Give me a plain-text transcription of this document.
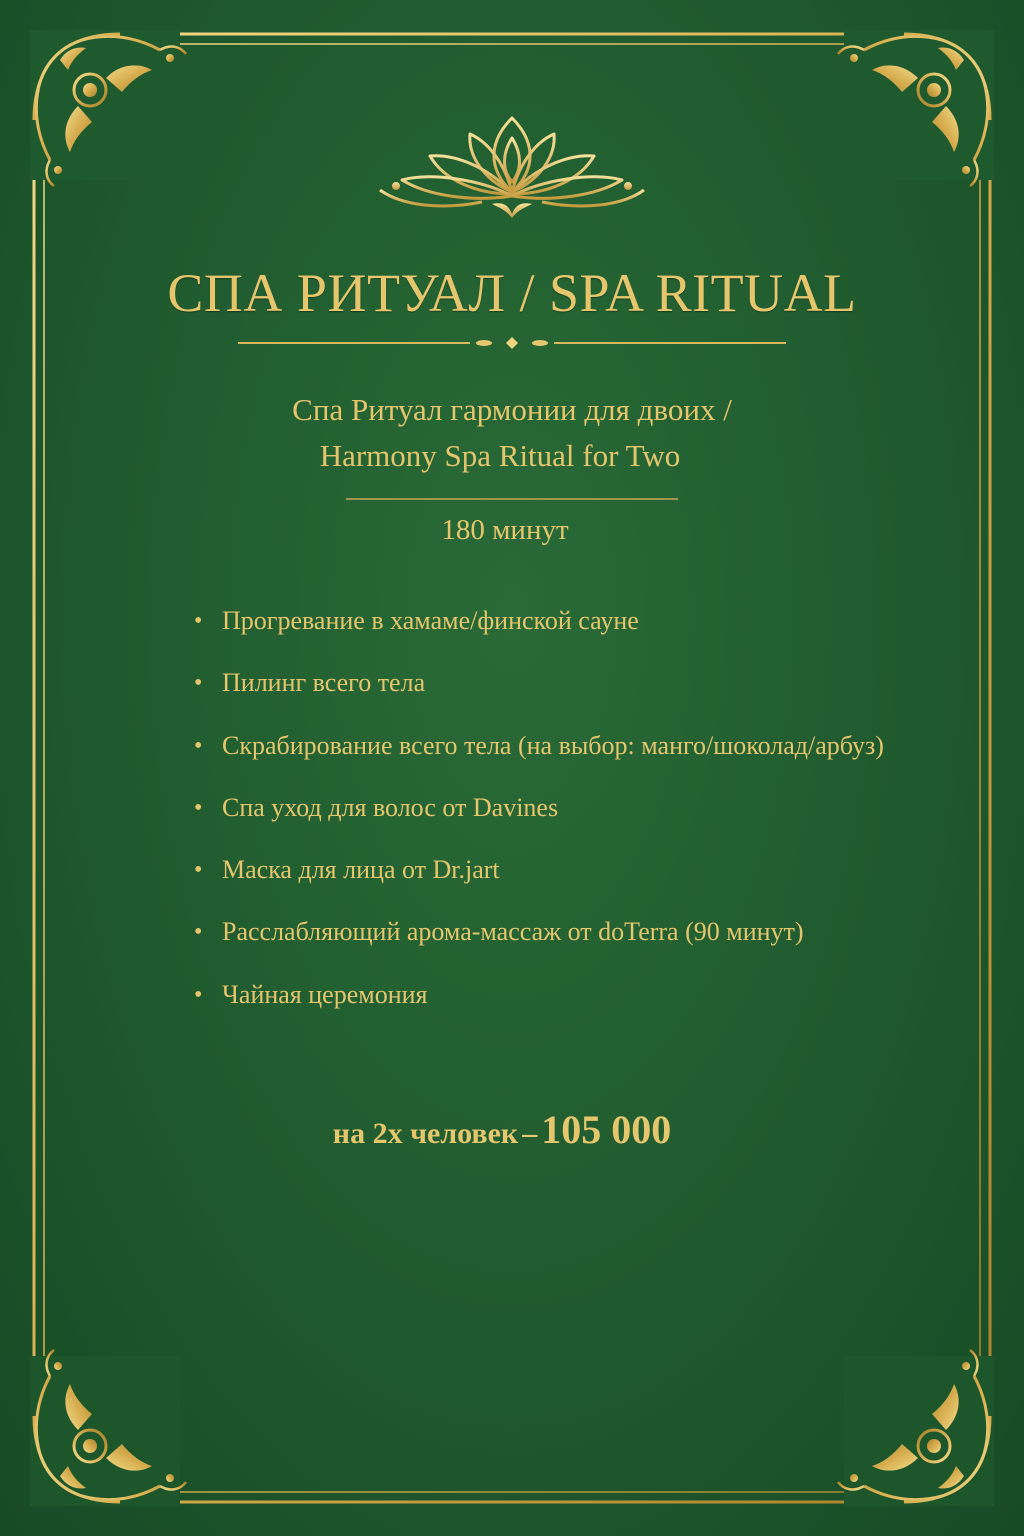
СПА РИТУАЛ / SPA RITUAL
Спа Ритуал гармонии для двоих /
Harmony Spa Ritual for Two
180 минут
• Прогревание в хамаме/финской сауне
• Пилинг всего тела
• Скрабирование всего тела (на выбор: манго/шоколад/арбуз)
• Спа уход для волос от Davines
• Маска для лица от Dr.jart
• Расслабляющий арома-массаж от doTerra (90 минут)
• Чайная церемония
на 2х человек – 105 000
